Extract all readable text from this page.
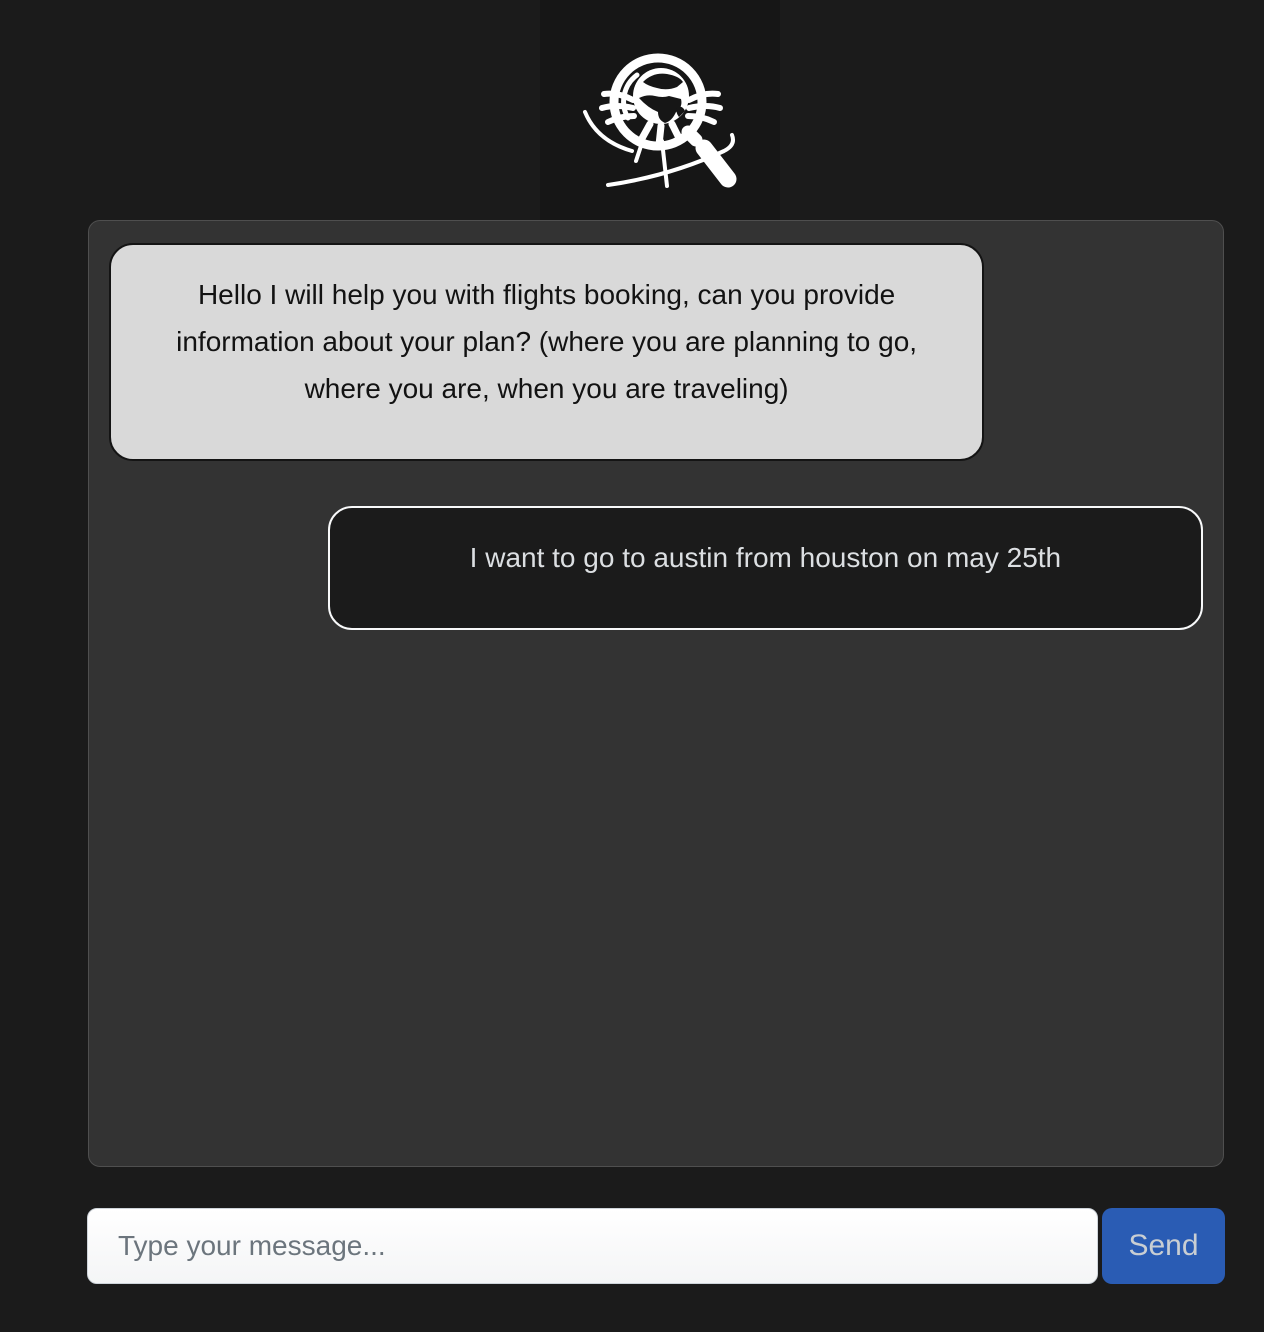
Hello I will help you with flights booking, can you provide information about your plan? (where you are planning to go, where you are, when you are traveling)
I want to go to austin from houston on may 25th
Type your message...
Send
